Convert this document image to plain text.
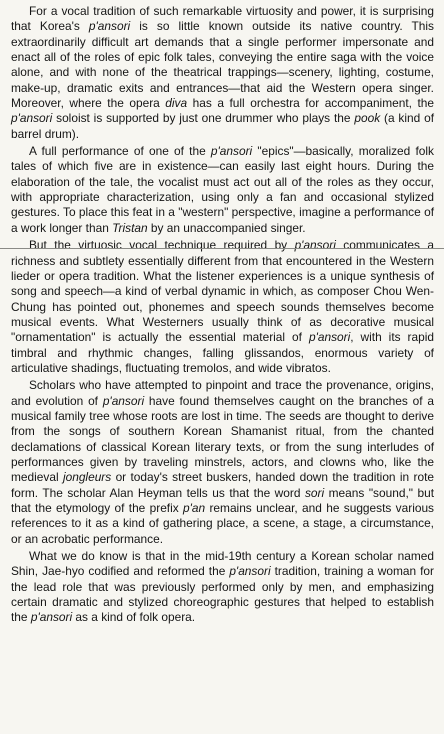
For a vocal tradition of such remarkable virtuosity and power, it is surprising that Korea's p'ansori is so little known outside its native country. This extraordinarily difficult art demands that a single performer impersonate and enact all of the roles of epic folk tales, conveying the entire saga with the voice alone, and with none of the theatrical trappings—scenery, lighting, costume, make-up, dramatic exits and entrances—that aid the Western opera singer. Moreover, where the opera diva has a full orchestra for accompaniment, the p'ansori soloist is supported by just one drummer who plays the pook (a kind of barrel drum).

A full performance of one of the p'ansori "epics"—basically, moralized folk tales of which five are in existence—can easily last eight hours. During the elaboration of the tale, the vocalist must act out all of the roles as they occur, with appropriate characterization, using only a fan and occasional stylized gestures. To place this feat in a "western" perspective, imagine a performance of a work longer than Tristan by an unaccompanied singer.

But the virtuosic vocal technique required by p'ansori communicates a richness and subtlety essentially different from that encountered in the Western lieder or opera tradition. What the listener experiences is a unique synthesis of song and speech—a kind of verbal dynamic in which, as composer Chou Wen-Chung has pointed out, phonemes and speech sounds themselves become musical events. What Westerners usually think of as decorative musical "ornamentation" is actually the essential material of p'ansori, with its rapid timbral and rhythmic changes, falling glissandos, enormous variety of articulative shadings, fluctuating tremolos, and wide vibratos.

Scholars who have attempted to pinpoint and trace the provenance, origins, and evolution of p'ansori have found themselves caught on the branches of a musical family tree whose roots are lost in time. The seeds are thought to derive from the songs of southern Korean Shamanist ritual, from the chanted declamations of classical Korean literary texts, or from the sung interludes of performances given by traveling minstrels, actors, and clowns who, like the medieval jongleurs or today's street buskers, handed down the tradition in rote form. The scholar Alan Heyman tells us that the word sori means "sound," but that the etymology of the prefix p'an remains unclear, and he suggests various references to it as a kind of gathering place, a scene, a stage, a circumstance, or an acrobatic performance.

What we do know is that in the mid-19th century a Korean scholar named Shin, Jae-hyo codified and reformed the p'ansori tradition, training a woman for the lead role that was previously performed only by men, and emphasizing certain dramatic and stylized choreographic gestures that helped to establish the p'ansori as a kind of folk opera.
